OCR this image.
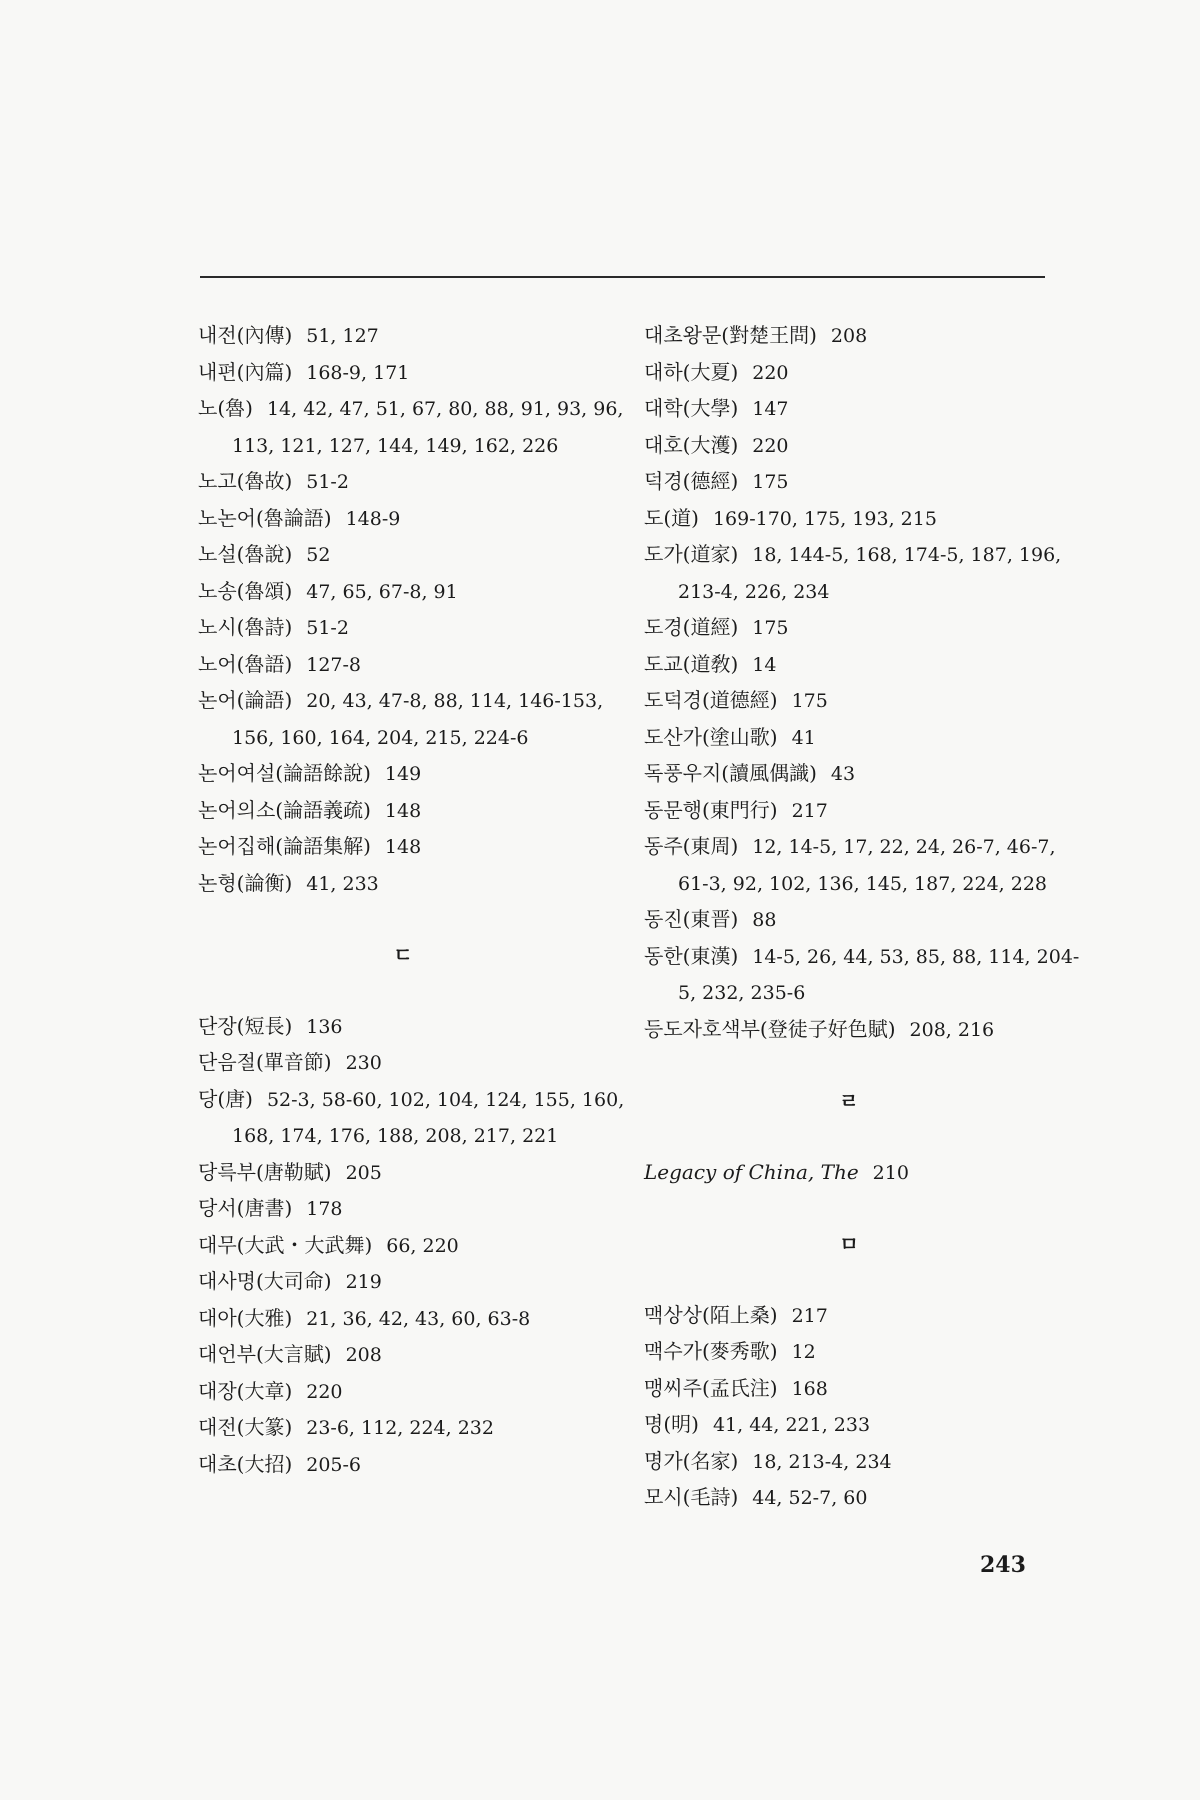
내전(內傳) 51, 127
내편(內篇) 168-9, 171
노(魯) 14, 42, 47, 51, 67, 80, 88, 91, 93, 96, 113, 121, 127, 144, 149, 162, 226
노고(魯故) 51-2
노논어(魯論語) 148-9
노설(魯說) 52
노송(魯頌) 47, 65, 67-8, 91
노시(魯詩) 51-2
노어(魯語) 127-8
논어(論語) 20, 43, 47-8, 88, 114, 146-153, 156, 160, 164, 204, 215, 224-6
논어여설(論語餘說) 149
논어의소(論語義疏) 148
논어집해(論語集解) 148
논형(論衡) 41, 233
ㄷ
단장(短長) 136
단음절(單音節) 230
당(唐) 52-3, 58-60, 102, 104, 124, 155, 160, 168, 174, 176, 188, 208, 217, 221
당륵부(唐勒賦) 205
당서(唐書) 178
대무(大武・大武舞) 66, 220
대사명(大司命) 219
대아(大雅) 21, 36, 42, 43, 60, 63-8
대언부(大言賦) 208
대장(大章) 220
대전(大篆) 23-6, 112, 224, 232
대초(大招) 205-6
대초왕문(對楚王問) 208
대하(大夏) 220
대학(大學) 147
대호(大濩) 220
덕경(德經) 175
도(道) 169-170, 175, 193, 215
도가(道家) 18, 144-5, 168, 174-5, 187, 196, 213-4, 226, 234
도경(道經) 175
도교(道敎) 14
도덕경(道德經) 175
도산가(塗山歌) 41
독풍우지(讀風偶識) 43
동문행(東門行) 217
동주(東周) 12, 14-5, 17, 22, 24, 26-7, 46-7, 61-3, 92, 102, 136, 145, 187, 224, 228
동진(東晋) 88
동한(東漢) 14-5, 26, 44, 53, 85, 88, 114, 204-5, 232, 235-6
등도자호색부(登徒子好色賦) 208, 216
ㄹ
Legacy of China, The 210
ㅁ
맥상상(陌上桑) 217
맥수가(麥秀歌) 12
맹씨주(孟氏注) 168
명(明) 41, 44, 221, 233
명가(名家) 18, 213-4, 234
모시(毛詩) 44, 52-7, 60
243
